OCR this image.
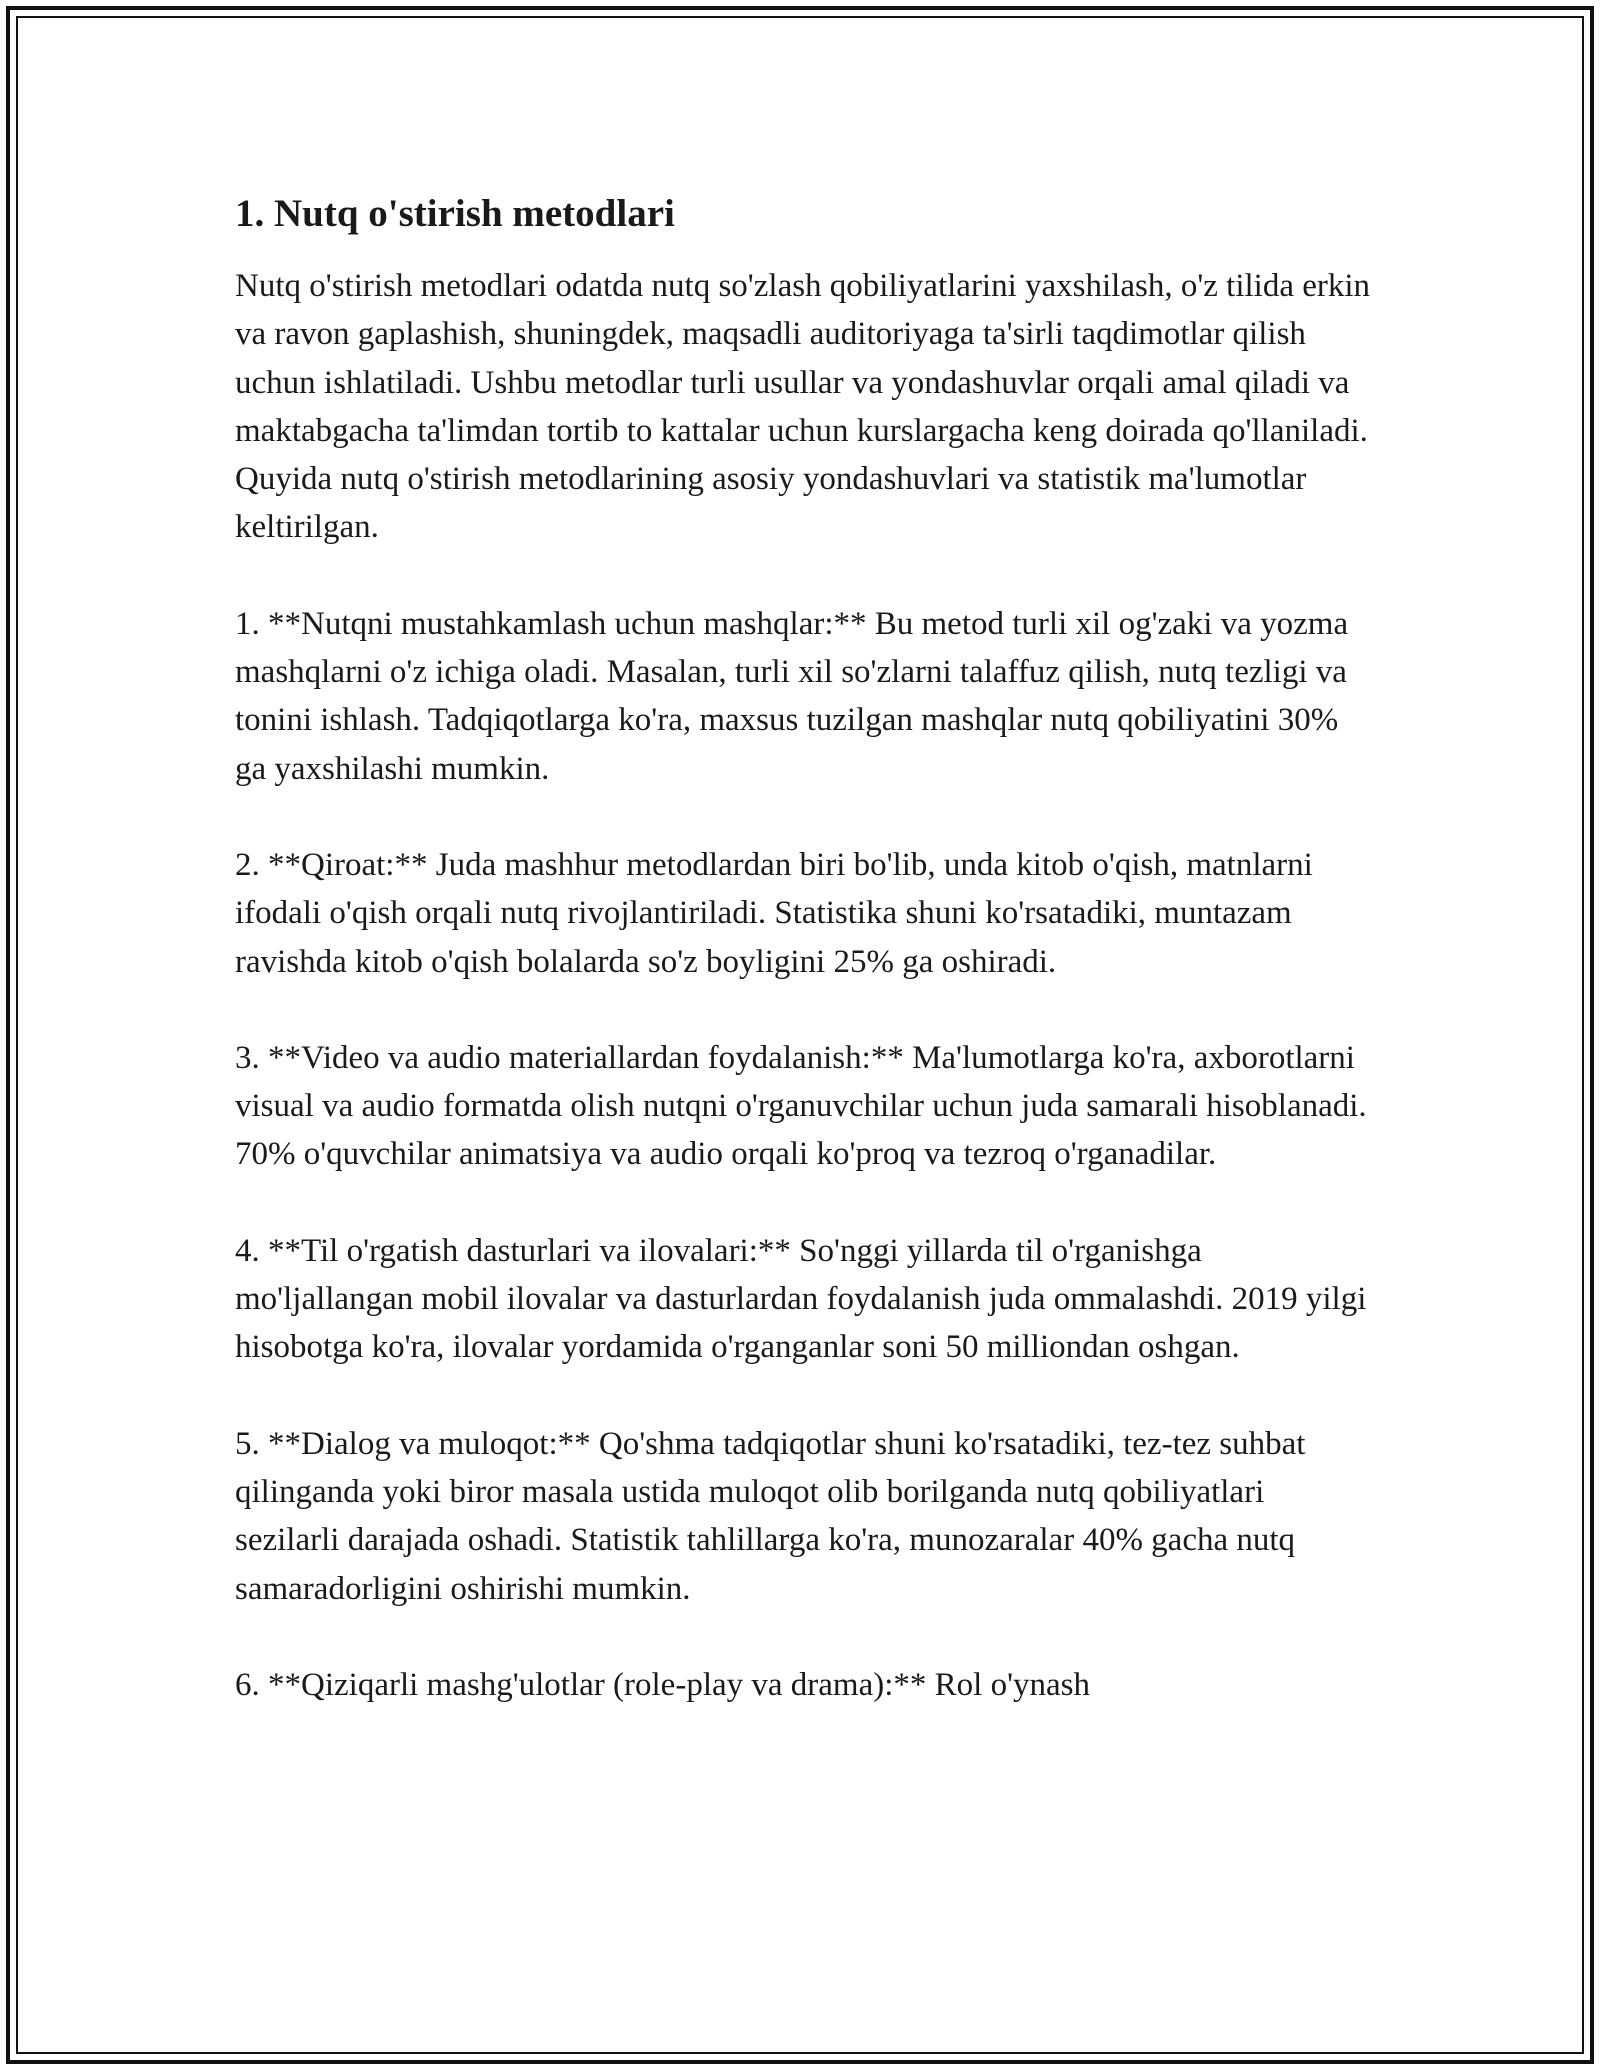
1. Nutq o'stirish metodlari

Nutq o'stirish metodlari odatda nutq so'zlash qobiliyatlarini yaxshilash, o'z tilida erkin va ravon gaplashish, shuningdek, maqsadli auditoriyaga ta'sirli taqdimotlar qilish uchun ishlatiladi. Ushbu metodlar turli usullar va yondashuvlar orqali amal qiladi va maktabgacha ta'limdan tortib to kattalar uchun kurslargacha keng doirada qo'llaniladi. Quyida nutq o'stirish metodlarining asosiy yondashuvlari va statistik ma'lumotlar keltirilgan.

1. **Nutqni mustahkamlash uchun mashqlar:** Bu metod turli xil og'zaki va yozma mashqlarni o'z ichiga oladi. Masalan, turli xil so'zlarni talaffuz qilish, nutq tezligi va tonini ishlash. Tadqiqotlarga ko'ra, maxsus tuzilgan mashqlar nutq qobiliyatini 30% ga yaxshilashi mumkin.

2. **Qiroat:** Juda mashhur metodlardan biri bo'lib, unda kitob o'qish, matnlarni ifodali o'qish orqali nutq rivojlantiriladi. Statistika shuni ko'rsatadiki, muntazam ravishda kitob o'qish bolalarda so'z boyligini 25% ga oshiradi.

3. **Video va audio materiallardan foydalanish:** Ma'lumotlarga ko'ra, axborotlarni visual va audio formatda olish nutqni o'rganuvchilar uchun juda samarali hisoblanadi. 70% o'quvchilar animatsiya va audio orqali ko'proq va tezroq o'rganadilar.

4. **Til o'rgatish dasturlari va ilovalari:** So'nggi yillarda til o'rganishga mo'ljallangan mobil ilovalar va dasturlardan foydalanish juda ommalashdi. 2019 yilgi hisobotga ko'ra, ilovalar yordamida o'rganganlar soni 50 milliondan oshgan.

5. **Dialog va muloqot:** Qo'shma tadqiqotlar shuni ko'rsatadiki, tez-tez suhbat qilinganda yoki biror masala ustida muloqot olib borilganda nutq qobiliyatlari sezilarli darajada oshadi. Statistik tahlillarga ko'ra, munozaralar 40% gacha nutq samaradorligini oshirishi mumkin.

6. **Qiziqarli mashg'ulotlar (role-play va drama):** Rol o'ynash
